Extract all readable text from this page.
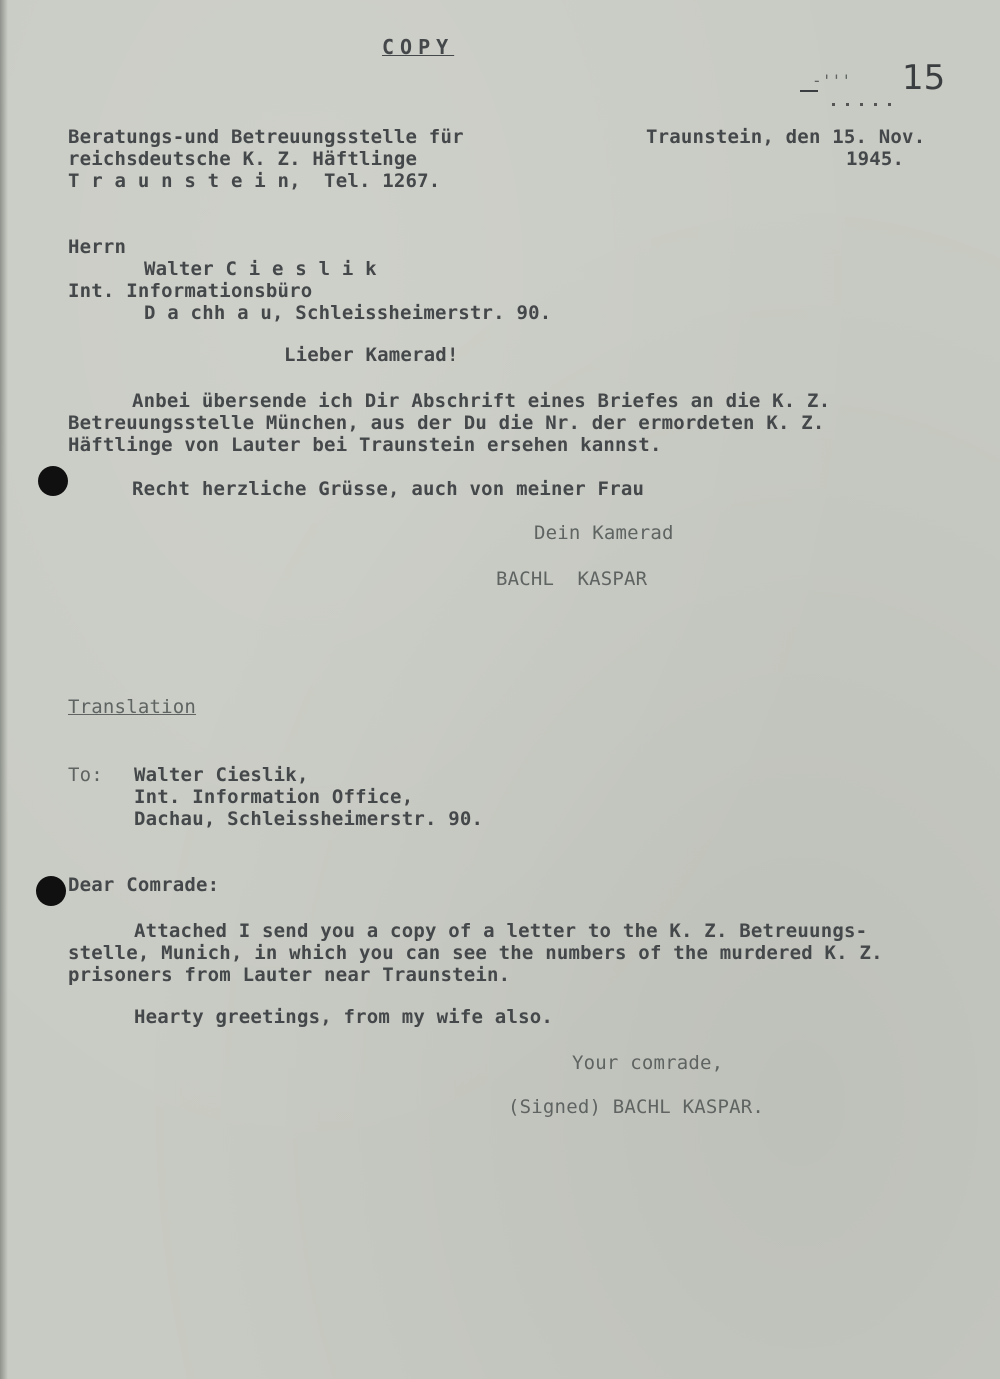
COPY
-''' 15
Beratungs-und Betreuungsstelle für
reichsdeutsche K. Z. Häftlinge
T r a u n s t e i n,  Tel. 1267.
Traunstein, den 15. Nov.
1945.
Herrn
Walter C i e s l i k
Int. Informationsbüro
D a chh a u, Schleissheimerstr. 90.
Lieber Kamerad!
Anbei übersende ich Dir Abschrift eines Briefes an die K. Z.
Betreuungsstelle München, aus der Du die Nr. der ermordeten K. Z.
Häftlinge von Lauter bei Traunstein ersehen kannst.
Recht herzliche Grüsse, auch von meiner Frau
Dein Kamerad
BACHL  KASPAR
Translation
To: Walter Cieslik,
Int. Information Office,
Dachau, Schleissheimerstr. 90.
Dear Comrade:
Attached I send you a copy of a letter to the K. Z. Betreuungs-
stelle, Munich, in which you can see the numbers of the murdered K. Z.
prisoners from Lauter near Traunstein.
Hearty greetings, from my wife also.
Your comrade,
(Signed) BACHL KASPAR.
